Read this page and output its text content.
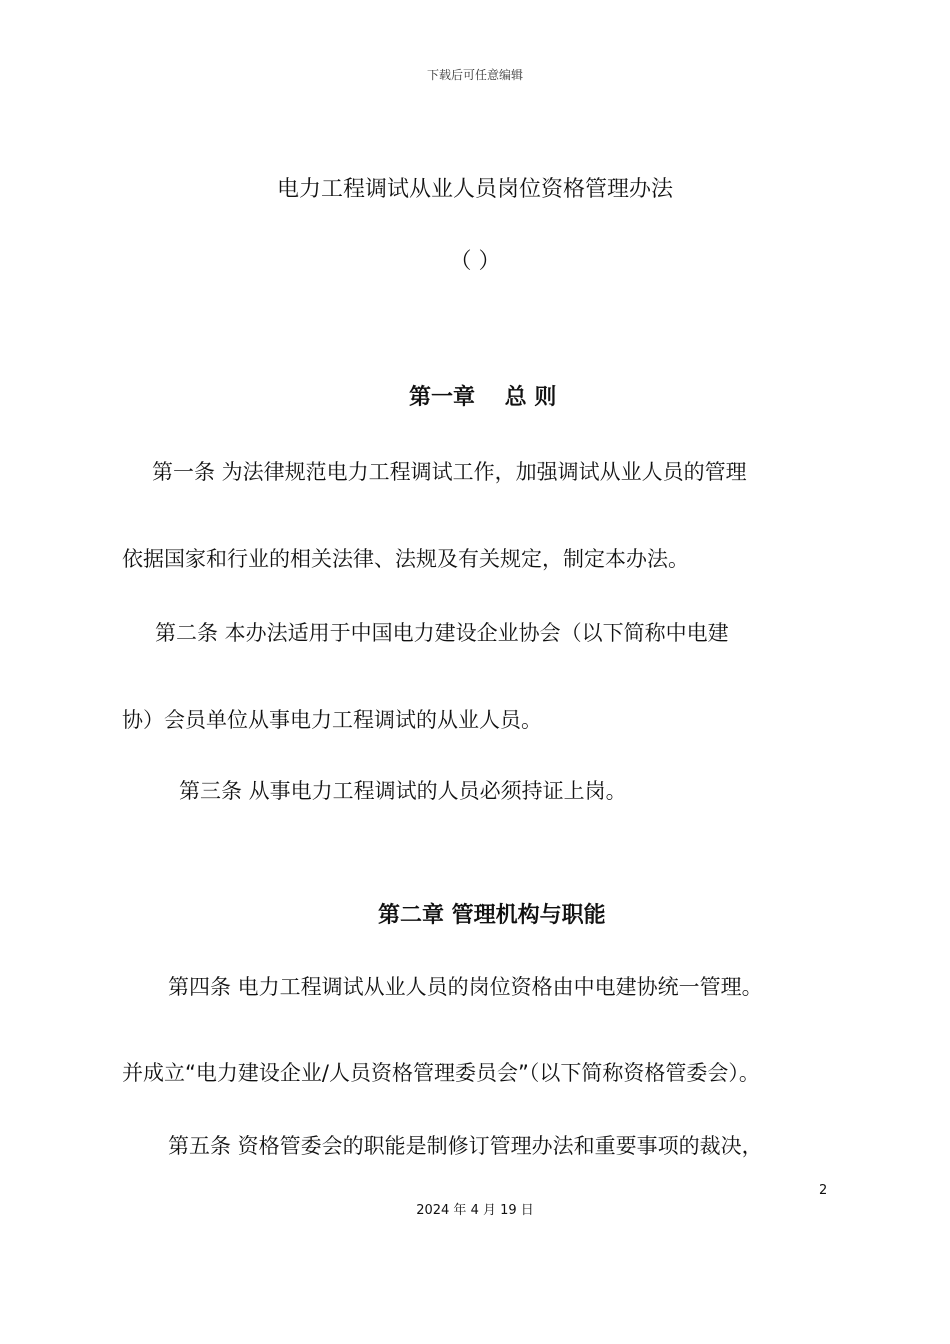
下载后可任意编辑
电力工程调试从业人员岗位资格管理办法
（ ）
第一章　 总 则
第一条 为法律规范电力工程调试工作，加强调试从业人员的管理
依据国家和行业的相关法律、法规及有关规定，制定本办法。
第二条 本办法适用于中国电力建设企业协会（以下简称中电建
协）会员单位从事电力工程调试的从业人员。
第三条 从事电力工程调试的人员必须持证上岗。
第二章 管理机构与职能
第四条 电力工程调试从业人员的岗位资格由中电建协统一管理。
并成立“电力建设企业/人员资格管理委员会”（以下简称资格管委会）。
第五条 资格管委会的职能是制修订管理办法和重要事项的裁决，
2
2024 年 4 月 19 日
